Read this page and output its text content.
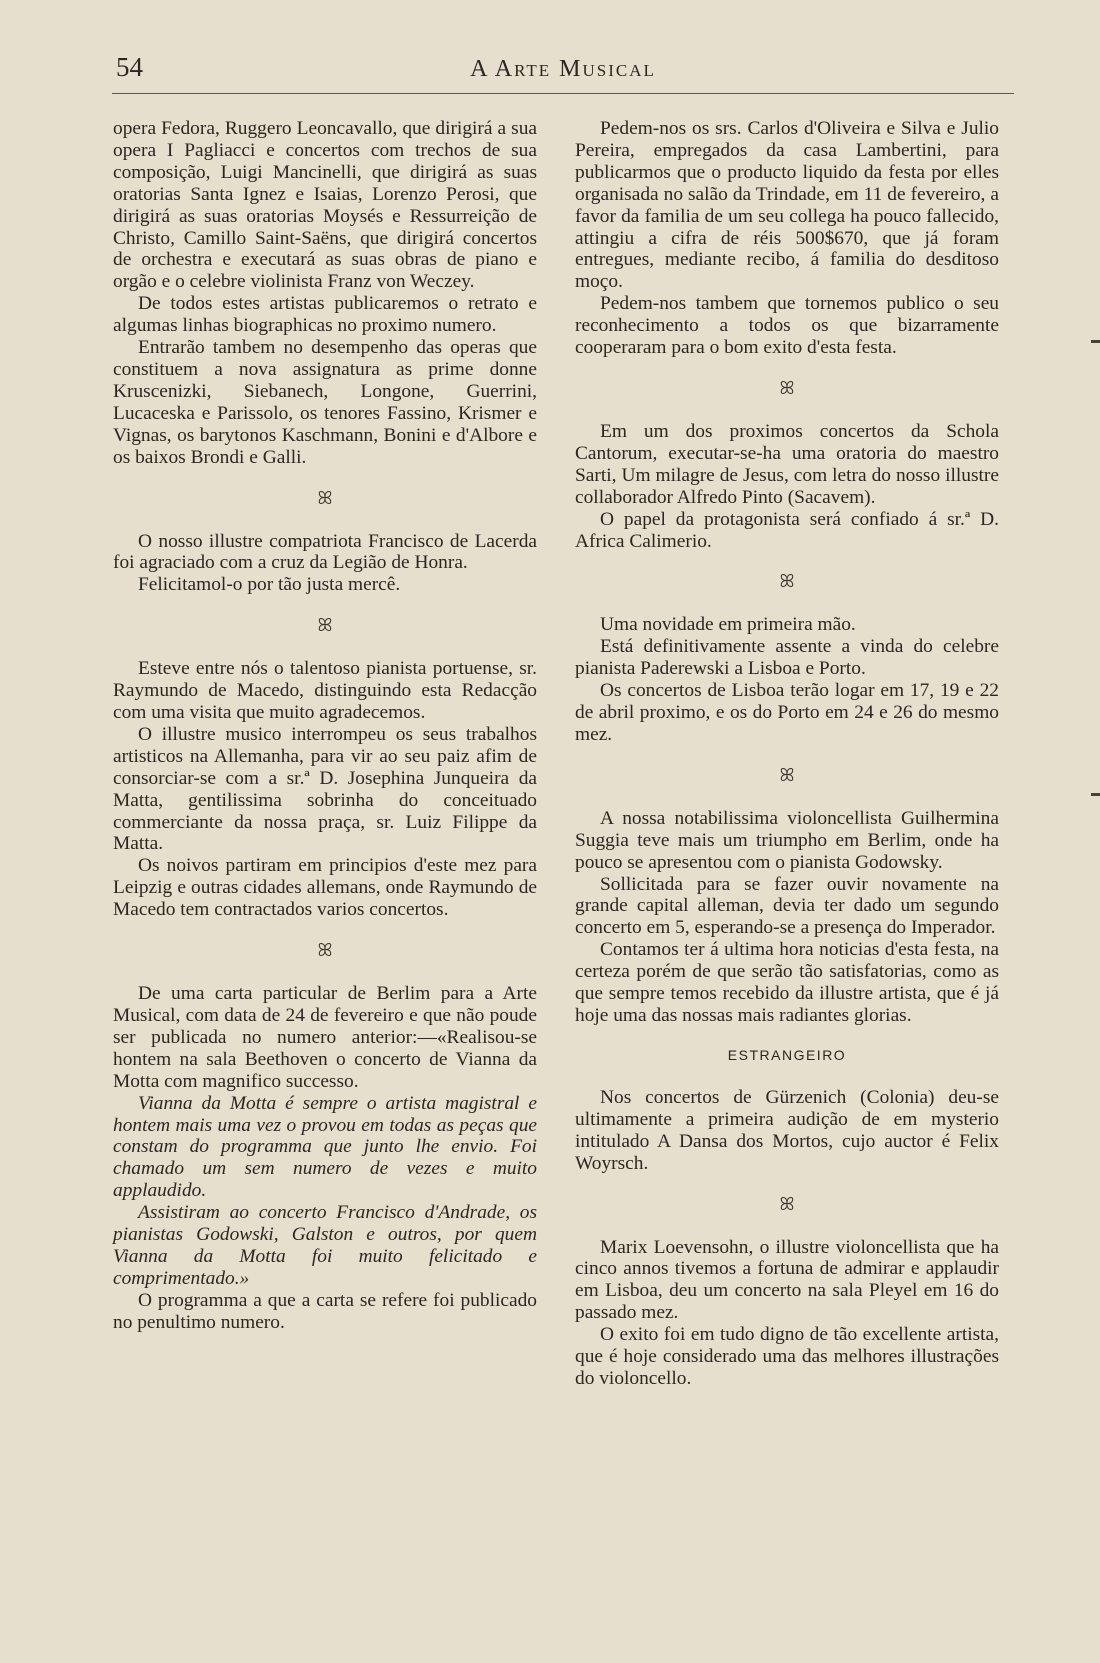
54	A Arte Musical

opera Fedora, Ruggero Leoncavallo, que dirigirá a sua opera I Pagliacci e concertos com trechos de sua composição, Luigi Mancinelli, que dirigirá as suas oratorias Santa Ignez e Isaias, Lorenzo Perosi, que dirigirá as suas oratorias Moysés e Ressurreição de Christo, Camillo Saint-Saëns, que dirigirá concertos de orchestra e executará as suas obras de piano e orgão e o celebre violinista Franz von Weczey.

De todos estes artistas publicaremos o retrato e algumas linhas biographicas no proximo numero.

Entrarão tambem no desempenho das operas que constituem a nova assignatura as prime donne Kruscenizki, Siebanech, Longone, Guerrini, Lucaceska e Parissolo, os tenores Fassino, Krismer e Vignas, os barytonos Kaschmann, Bonini e d'Albore e os baixos Brondi e Galli.

ꕤ

O nosso illustre compatriota Francisco de Lacerda foi agraciado com a cruz da Legião de Honra.

Felicitamol-o por tão justa mercê.

ꕤ

Esteve entre nós o talentoso pianista portuense, sr. Raymundo de Macedo, distinguindo esta Redacção com uma visita que muito agradecemos.

O illustre musico interrompeu os seus trabalhos artisticos na Allemanha, para vir ao seu paiz afim de consorciar-se com a sr.ª D. Josephina Junqueira da Matta, gentilissima sobrinha do conceituado commerciante da nossa praça, sr. Luiz Filippe da Matta.

Os noivos partiram em principios d'este mez para Leipzig e outras cidades allemans, onde Raymundo de Macedo tem contractados varios concertos.

ꕤ

De uma carta particular de Berlim para a Arte Musical, com data de 24 de fevereiro e que não poude ser publicada no numero anterior:—«Realisou-se hontem na sala Beethoven o concerto de Vianna da Motta com magnifico successo.

Vianna da Motta é sempre o artista magistral e hontem mais uma vez o provou em todas as peças que constam do programma que junto lhe envio. Foi chamado um sem numero de vezes e muito applaudido.

Assistiram ao concerto Francisco d'Andrade, os pianistas Godowski, Galston e outros, por quem Vianna da Motta foi muito felicitado e comprimentado.»

O programma a que a carta se refere foi publicado no penultimo numero.

Pedem-nos os srs. Carlos d'Oliveira e Silva e Julio Pereira, empregados da casa Lambertini, para publicarmos que o producto liquido da festa por elles organisada no salão da Trindade, em 11 de fevereiro, a favor da familia de um seu collega ha pouco fallecido, attingiu a cifra de réis 500$670, que já foram entregues, mediante recibo, á familia do desditoso moço.

Pedem-nos tambem que tornemos publico o seu reconhecimento a todos os que bizarramente cooperaram para o bom exito d'esta festa.

ꕤ

Em um dos proximos concertos da Schola Cantorum, executar-se-ha uma oratoria do maestro Sarti, Um milagre de Jesus, com letra do nosso illustre collaborador Alfredo Pinto (Sacavem).

O papel da protagonista será confiado á sr.ª D. Africa Calimerio.

ꕤ

Uma novidade em primeira mão.

Está definitivamente assente a vinda do celebre pianista Paderewski a Lisboa e Porto.

Os concertos de Lisboa terão logar em 17, 19 e 22 de abril proximo, e os do Porto em 24 e 26 do mesmo mez.

ꕤ

A nossa notabilissima violoncellista Guilhermina Suggia teve mais um triumpho em Berlim, onde ha pouco se apresentou com o pianista Godowsky.

Sollicitada para se fazer ouvir novamente na grande capital alleman, devia ter dado um segundo concerto em 5, esperando-se a presença do Imperador.

Contamos ter á ultima hora noticias d'esta festa, na certeza porém de que serão tão satisfatorias, como as que sempre temos recebido da illustre artista, que é já hoje uma das nossas mais radiantes glorias.

ESTRANGEIRO

Nos concertos de Gürzenich (Colonia) deu-se ultimamente a primeira audição de em mysterio intitulado A Dansa dos Mortos, cujo auctor é Felix Woyrsch.

ꕤ

Marix Loevensohn, o illustre violoncellista que ha cinco annos tivemos a fortuna de admirar e applaudir em Lisboa, deu um concerto na sala Pleyel em 16 do passado mez.

O exito foi em tudo digno de tão excellente artista, que é hoje considerado uma das melhores illustrações do violoncello.
